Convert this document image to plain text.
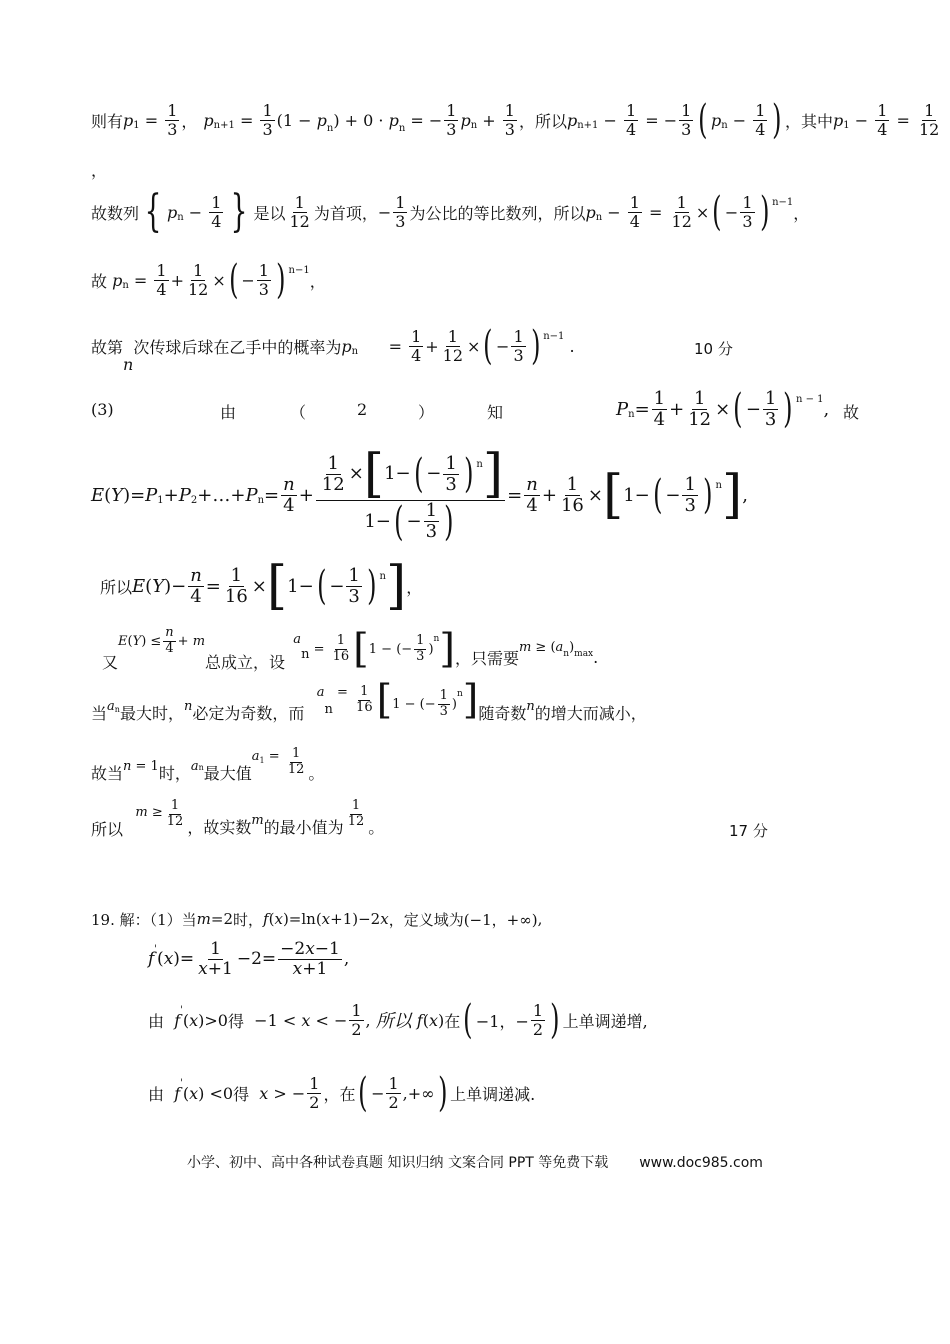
则有 p $1 = \frac{1}{3}$ ， p $n+1 = \frac{1}{3} (1 - p_n) + 0 \cdot p_n$ = − $\frac{1}{3}$ p $n + \frac{1}{3}$ ，所以 p $n+1 - \frac{1}{4}$ = − $\frac{1}{3}$ ( p $n - \frac{1}{4}$ ) ，其中 p $1 - \frac{1}{4} = \frac{1}{12}$
，
故数列 { p $n - \frac{1}{4}$ } 是以 $\frac{1}{12}$ 为首项， − $\frac{1}{3}$ 为公比的等比数列，所以 p $n - \frac{1}{4} = \frac{1}{12}$ × ( − $\frac{1}{3}$ ) n−1
，
故 p $n = \frac{1}{4} + \frac{1}{12}$ × ( − $\frac{1}{3}$ ) n−1
，
故第
n
次传球后球在乙手中的概率为 p $n = \frac{1}{4} + \frac{1}{12}$ × ( − $\frac{1}{3}$ ) n−1

.	10 分
(3)	由	（	2	）	知	P $n = \frac{1}{4} + \frac{1}{12}$ × ( − $\frac{1}{3}$ ) n − 1 , 故
E ( Y )= P 1 + P 2 +…+ P $n = \frac{n}{4} + \frac{\frac{1}{12} \times [ 1- ( - \frac{1}{3} ) n ]}{1- ( - \frac{1}{3} )} = \frac{n}{4} + \frac{1}{16}$ × [ 1− ( − $\frac{1}{3}$ ) n ] ,
所以 E ( Y )− $\frac{n}{4} = \frac{1}{16}$ × [ 1− ( − $\frac{1}{3}$ ) n ] ，
又
$E(Y) \le \frac{n}{4} + m$
总成立，设
a
$n = \frac{1}{16}$ [ 1 − (− $\frac{1}{3}$ )
n ] ，只需要
$m \ge (a_n)_{max}$ .
当 a n 最大时， n 必定为奇数，而
a
n
= $\frac{1}{16}$ [ 1 − (− $\frac{1}{3}$ )
n ] 随奇数 n 的增大而减小，
故当 n = 1 时， a n 最大值
a $1 = \frac{1}{12}$ 。
所以
$m \ge \frac{1}{12}$ ，故实数 m 的最小值为 $\frac{1}{12}$ 。	17 分
19. 解：（1）当 m =2 时， f ( x )=ln( x +1)−2 x ，定义域为 (−1，+∞) ,
f ' ( x )= $\frac{1}{x+1} -2= \frac{-2x-1}{x+1}$ ,
由 f
'
(x)>0 得 −1 < x < − $\frac{1}{2}$ , 所以 f(x) 在 ( −1，− $\frac{1}{2}$ ) 上单调递增,
由 f
'
(x) <0 得 x > − $\frac{1}{2}$ ，在 ( − $\frac{1}{2}$ ,+∞ ) 上单调递减.
小学、初中、高中各种试卷真题 知识归纳 文案合同 PPT 等免费下载 www.doc985.com
